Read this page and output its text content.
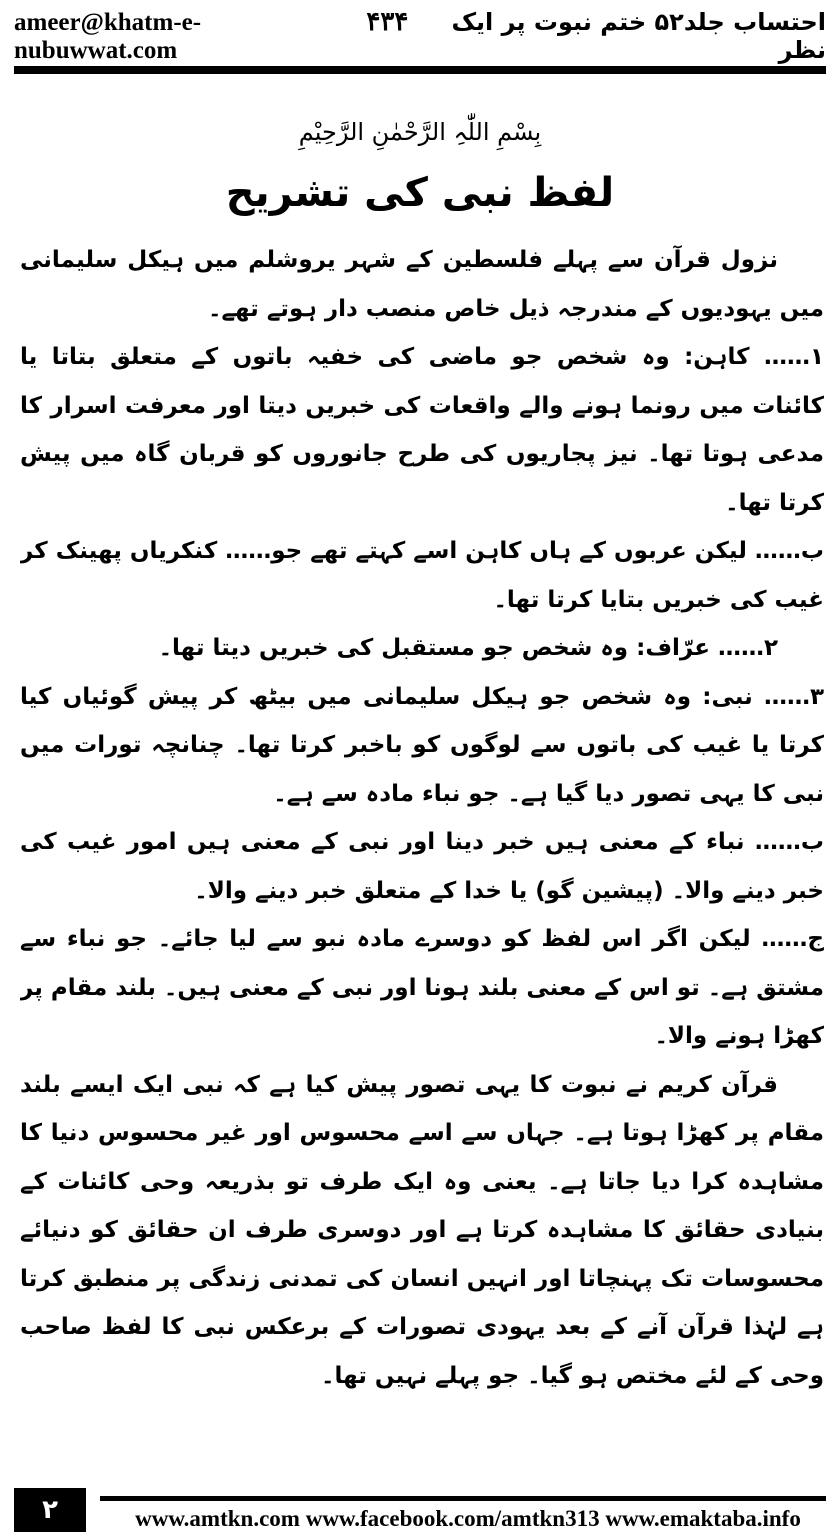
ameer@khatm-e-nubuwwat.com
۴۳۴	احتساب جلد۵۲ ختم نبوت پر ایک نظر
بِسْمِ اللّٰہِ الرَّحْمٰنِ الرَّحِیْمِ
لفظ نبی کی تشریح

نزول قرآن سے پہلے فلسطین کے شہر یروشلم میں ہیکل سلیمانی میں یہودیوں کے مندرجہ ذیل خاص منصب دار ہوتے تھے۔

۱…… کاہن: وہ شخص جو ماضی کی خفیہ باتوں کے متعلق بتاتا یا کائنات میں رونما ہونے والے واقعات کی خبریں دیتا اور معرفت اسرار کا مدعی ہوتا تھا۔ نیز پجاریوں کی طرح جانوروں کو قربان گاہ میں پیش کرتا تھا۔

ب…… لیکن عربوں کے ہاں کاہن اسے کہتے تھے جو…… کنکریاں پھینک کر غیب کی خبریں بتایا کرتا تھا۔

۲…… عرّاف: وہ شخص جو مستقبل کی خبریں دیتا تھا۔

۳…… نبی: وہ شخص جو ہیکل سلیمانی میں بیٹھ کر پیش گوئیاں کیا کرتا یا غیب کی باتوں سے لوگوں کو باخبر کرتا تھا۔ چنانچہ تورات میں نبی کا یہی تصور دیا گیا ہے۔ جو نباء مادہ سے ہے۔

ب…… نباء کے معنی ہیں خبر دینا اور نبی کے معنی ہیں امور غیب کی خبر دینے والا۔ (پیشین گو) یا خدا کے متعلق خبر دینے والا۔

ج…… لیکن اگر اس لفظ کو دوسرے مادہ نبو سے لیا جائے۔ جو نباء سے مشتق ہے۔ تو اس کے معنی بلند ہونا اور نبی کے معنی ہیں۔ بلند مقام پر کھڑا ہونے والا۔

قرآن کریم نے نبوت کا یہی تصور پیش کیا ہے کہ نبی ایک ایسے بلند مقام پر کھڑا ہوتا ہے۔ جہاں سے اسے محسوس اور غیر محسوس دنیا کا مشاہدہ کرا دیا جاتا ہے۔ یعنی وہ ایک طرف تو بذریعہ وحی کائنات کے بنیادی حقائق کا مشاہدہ کرتا ہے اور دوسری طرف ان حقائق کو دنیائے محسوسات تک پہنچاتا اور انہیں انسان کی تمدنی زندگی پر منطبق کرتا ہے لہٰذا قرآن آنے کے بعد یہودی تصورات کے برعکس نبی کا لفظ صاحب وحی کے لئے مختص ہو گیا۔ جو پہلے نہیں تھا۔

۲	www.amtkn.com www.facebook.com/amtkn313 www.emaktaba.info
